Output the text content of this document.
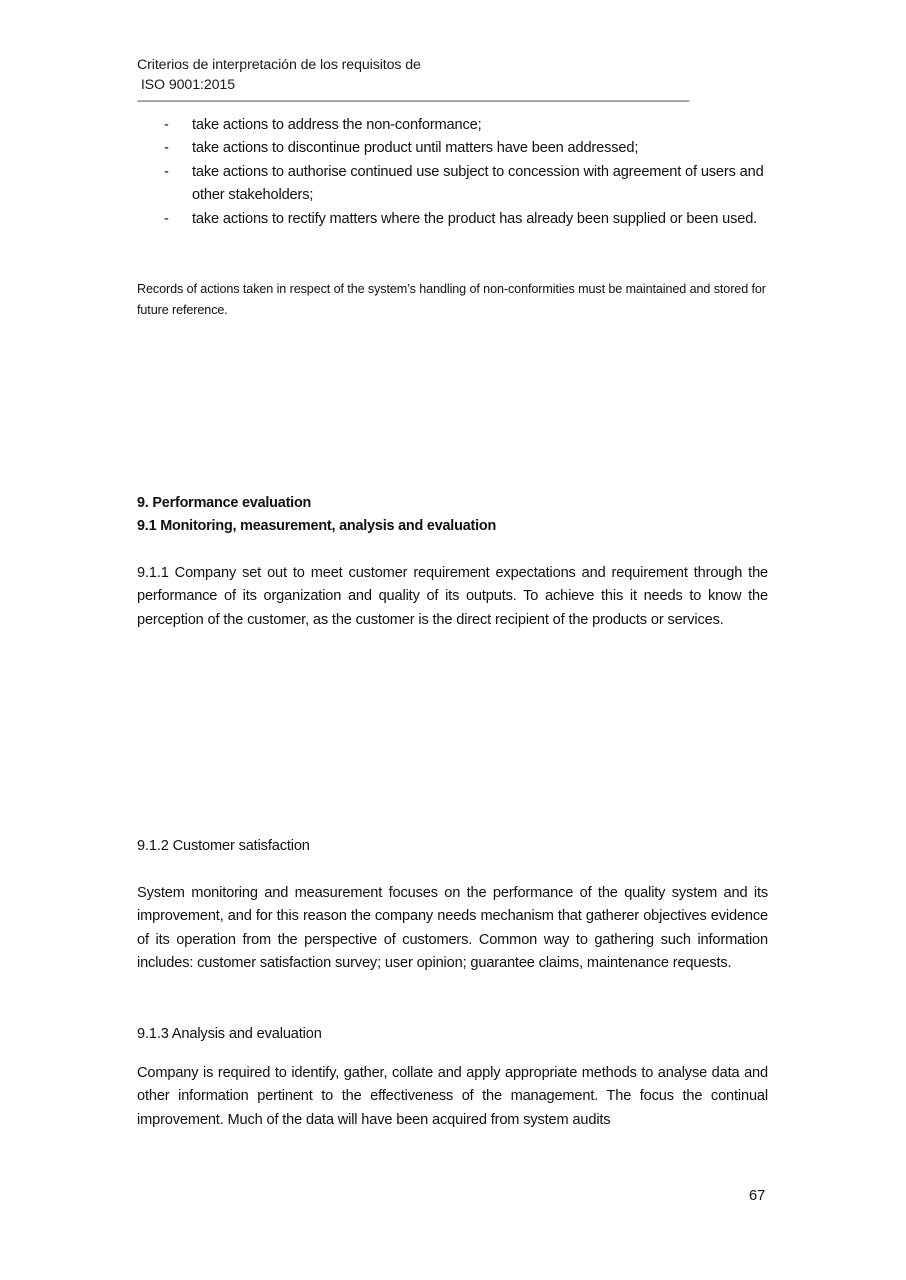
Criterios de interpretación de los requisitos de
ISO 9001:2015
--------------------------------------------------------------------------------------------------------------------------------------------------------------------------------------------------------------------------------
-	take actions to address the non-conformance;
-	take actions to discontinue product until matters have been addressed;
-	take actions to authorise continued use subject to concession with agreement of users and other stakeholders;
-	take actions to rectify matters where the product has already been supplied or been used.
Records of actions taken in respect of the system’s handling of non-conformities must be maintained and stored for future reference.
9. Performance evaluation
9.1 Monitoring, measurement, analysis and evaluation
9.1.1 Company set out to meet customer requirement expectations and requirement through the performance of its organization and quality of its outputs. To achieve this it needs to know the perception of the customer, as the customer is the direct recipient of the products or services.
9.1.2 Customer satisfaction
System monitoring and measurement focuses on the performance of the quality system and its improvement, and for this reason the company needs mechanism that gatherer objectives evidence of its operation from the perspective of customers. Common way to gathering such information includes: customer satisfaction survey; user opinion; guarantee claims, maintenance requests.
9.1.3 Analysis and evaluation
Company is required to identify, gather, collate and apply appropriate methods to analyse data and other information pertinent to the effectiveness of the management. The focus the continual improvement. Much of the data will have been acquired from system audits
67
